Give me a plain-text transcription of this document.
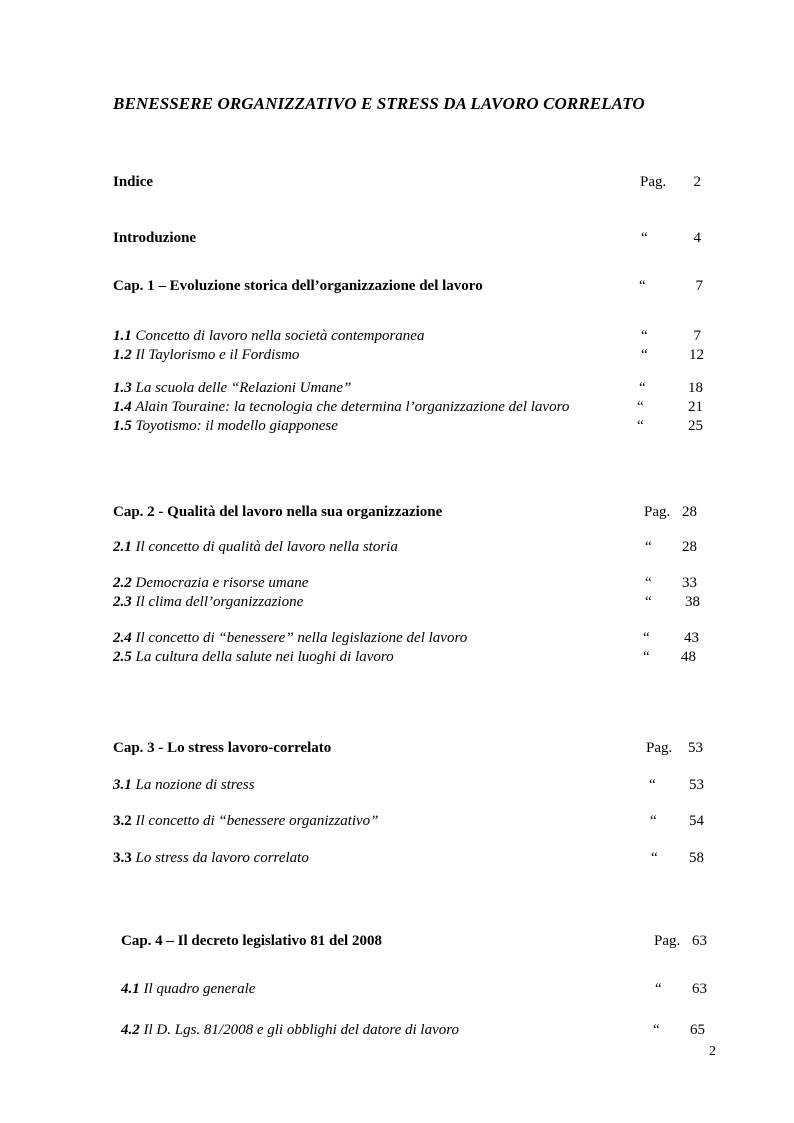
BENESSERE ORGANIZZATIVO E STRESS DA LAVORO CORRELATO
Indice	Pag.	2
Introduzione	“	4
Cap. 1 – Evoluzione storica dell’organizzazione del lavoro	“	7
1.1 Concetto di lavoro nella società contemporanea	“	7
1.2 Il Taylorismo e il Fordismo	“	12
1.3 La scuola delle “Relazioni Umane”	“	18
1.4 Alain Touraine: la tecnologia che determina l’organizzazione del lavoro	“	21
1.5 Toyotismo: il modello giapponese	“	25
Cap. 2 - Qualità del lavoro nella sua organizzazione	Pag. 28
2.1 Il concetto di qualità del lavoro nella storia	“	28
2.2 Democrazia e risorse umane	“	33
2.3 Il clima dell’organizzazione	“	38
2.4 Il concetto di “benessere” nella legislazione del lavoro	“	43
2.5 La cultura della salute nei luoghi di lavoro	“	48
Cap. 3 - Lo stress lavoro-correlato	Pag.	53
3.1 La nozione di stress	“	53
3.2 Il concetto di “benessere organizzativo”	“	54
3.3 Lo stress da lavoro correlato	“	58
Cap. 4 – Il decreto legislativo 81 del 2008	Pag. 63
4.1 Il quadro generale	“	63
4.2 Il D. Lgs. 81/2008 e gli obblighi del datore di lavoro	“	65
2
